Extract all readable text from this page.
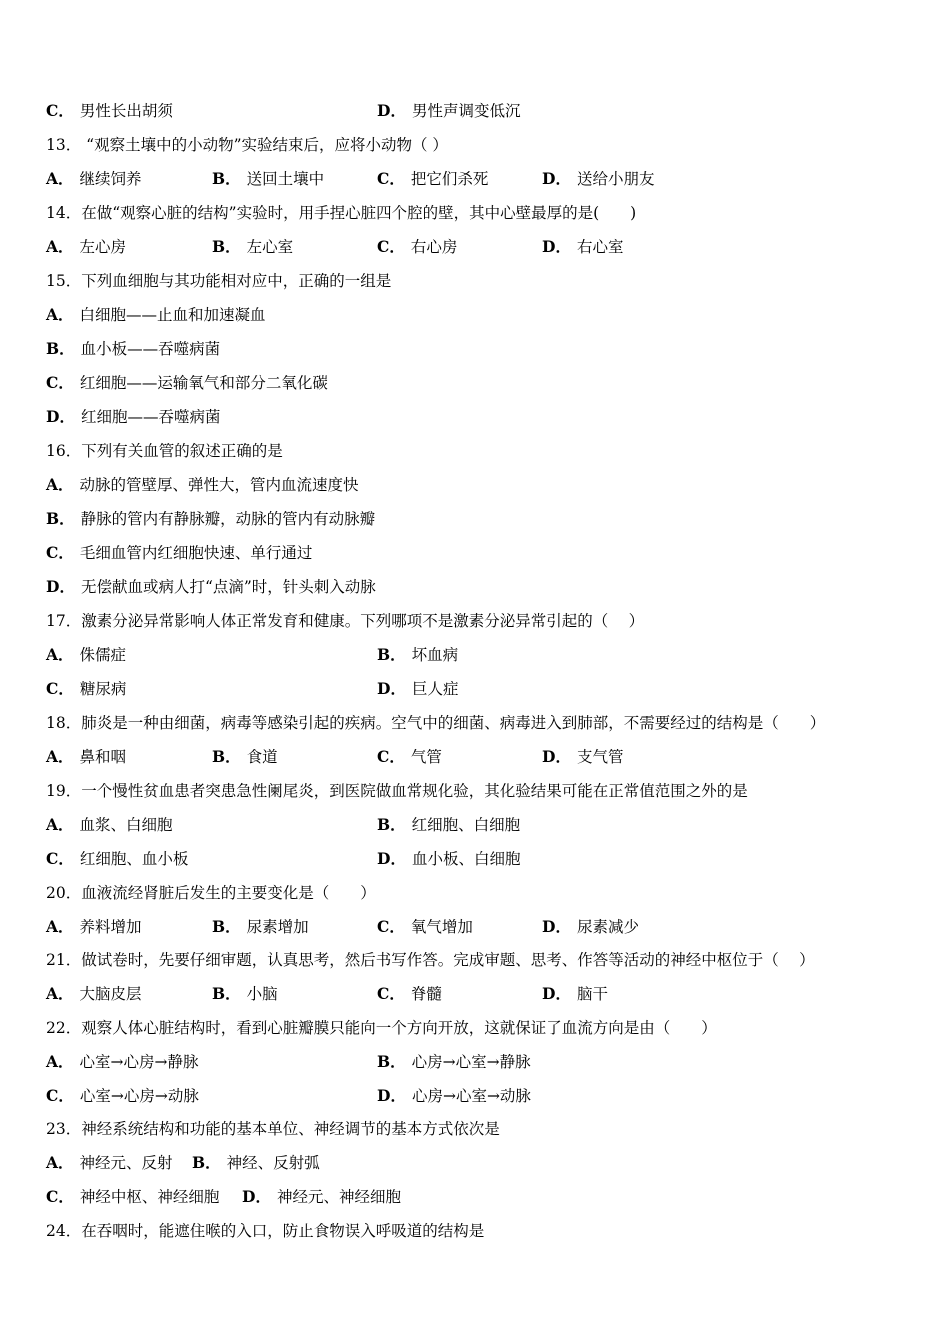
C． 男性长出胡须	D． 男性声调变低沉
13． “观察土壤中的小动物”实验结束后，应将小动物（ ）
A． 继续饲养	B． 送回土壤中	C． 把它们杀死	D． 送给小朋友
14．在做“观察心脏的结构”实验时，用手捏心脏四个腔的壁，其中心壁最厚的是(　　)
A． 左心房	B． 左心室	C． 右心房	D． 右心室
15．下列血细胞与其功能相对应中，正确的一组是
A． 白细胞——止血和加速凝血
B． 血小板——吞噬病菌
C． 红细胞——运输氧气和部分二氧化碳
D． 红细胞——吞噬病菌
16．下列有关血管的叙述正确的是
A． 动脉的管壁厚、弹性大，管内血流速度快
B． 静脉的管内有静脉瓣，动脉的管内有动脉瓣
C． 毛细血管内红细胞快速、单行通过
D． 无偿献血或病人打“点滴”时，针头刺入动脉
17．激素分泌异常影响人体正常发育和健康。下列哪项不是激素分泌异常引起的（　 ）
A． 侏儒症	B． 坏血病
C． 糖尿病	D． 巨人症
18．肺炎是一种由细菌，病毒等感染引起的疾病。空气中的细菌、病毒进入到肺部，不需要经过的结构是（　　）
A． 鼻和咽	B． 食道	C． 气管	D． 支气管
19．一个慢性贫血患者突患急性阑尾炎，到医院做血常规化验，其化验结果可能在正常值范围之外的是
A． 血浆、白细胞	B． 红细胞、白细胞
C． 红细胞、血小板	D． 血小板、白细胞
20．血液流经肾脏后发生的主要变化是（　　）
A． 养料增加	B． 尿素增加	C． 氧气增加	D． 尿素减少
21．做试卷时，先要仔细审题，认真思考，然后书写作答。完成审题、思考、作答等活动的神经中枢位于（　 ）
A． 大脑皮层	B． 小脑	C． 脊髓	D． 脑干
22．观察人体心脏结构时，看到心脏瓣膜只能向一个方向开放，这就保证了血流方向是由（　　）
A． 心室→心房→静脉	B． 心房→心室→静脉
C． 心室→心房→动脉	D． 心房→心室→动脉
23．神经系统结构和功能的基本单位、神经调节的基本方式依次是
A． 神经元、反射 B． 神经、反射弧
C． 神经中枢、神经细胞 D． 神经元、神经细胞
24．在吞咽时，能遮住喉的入口，防止食物误入呼吸道的结构是
